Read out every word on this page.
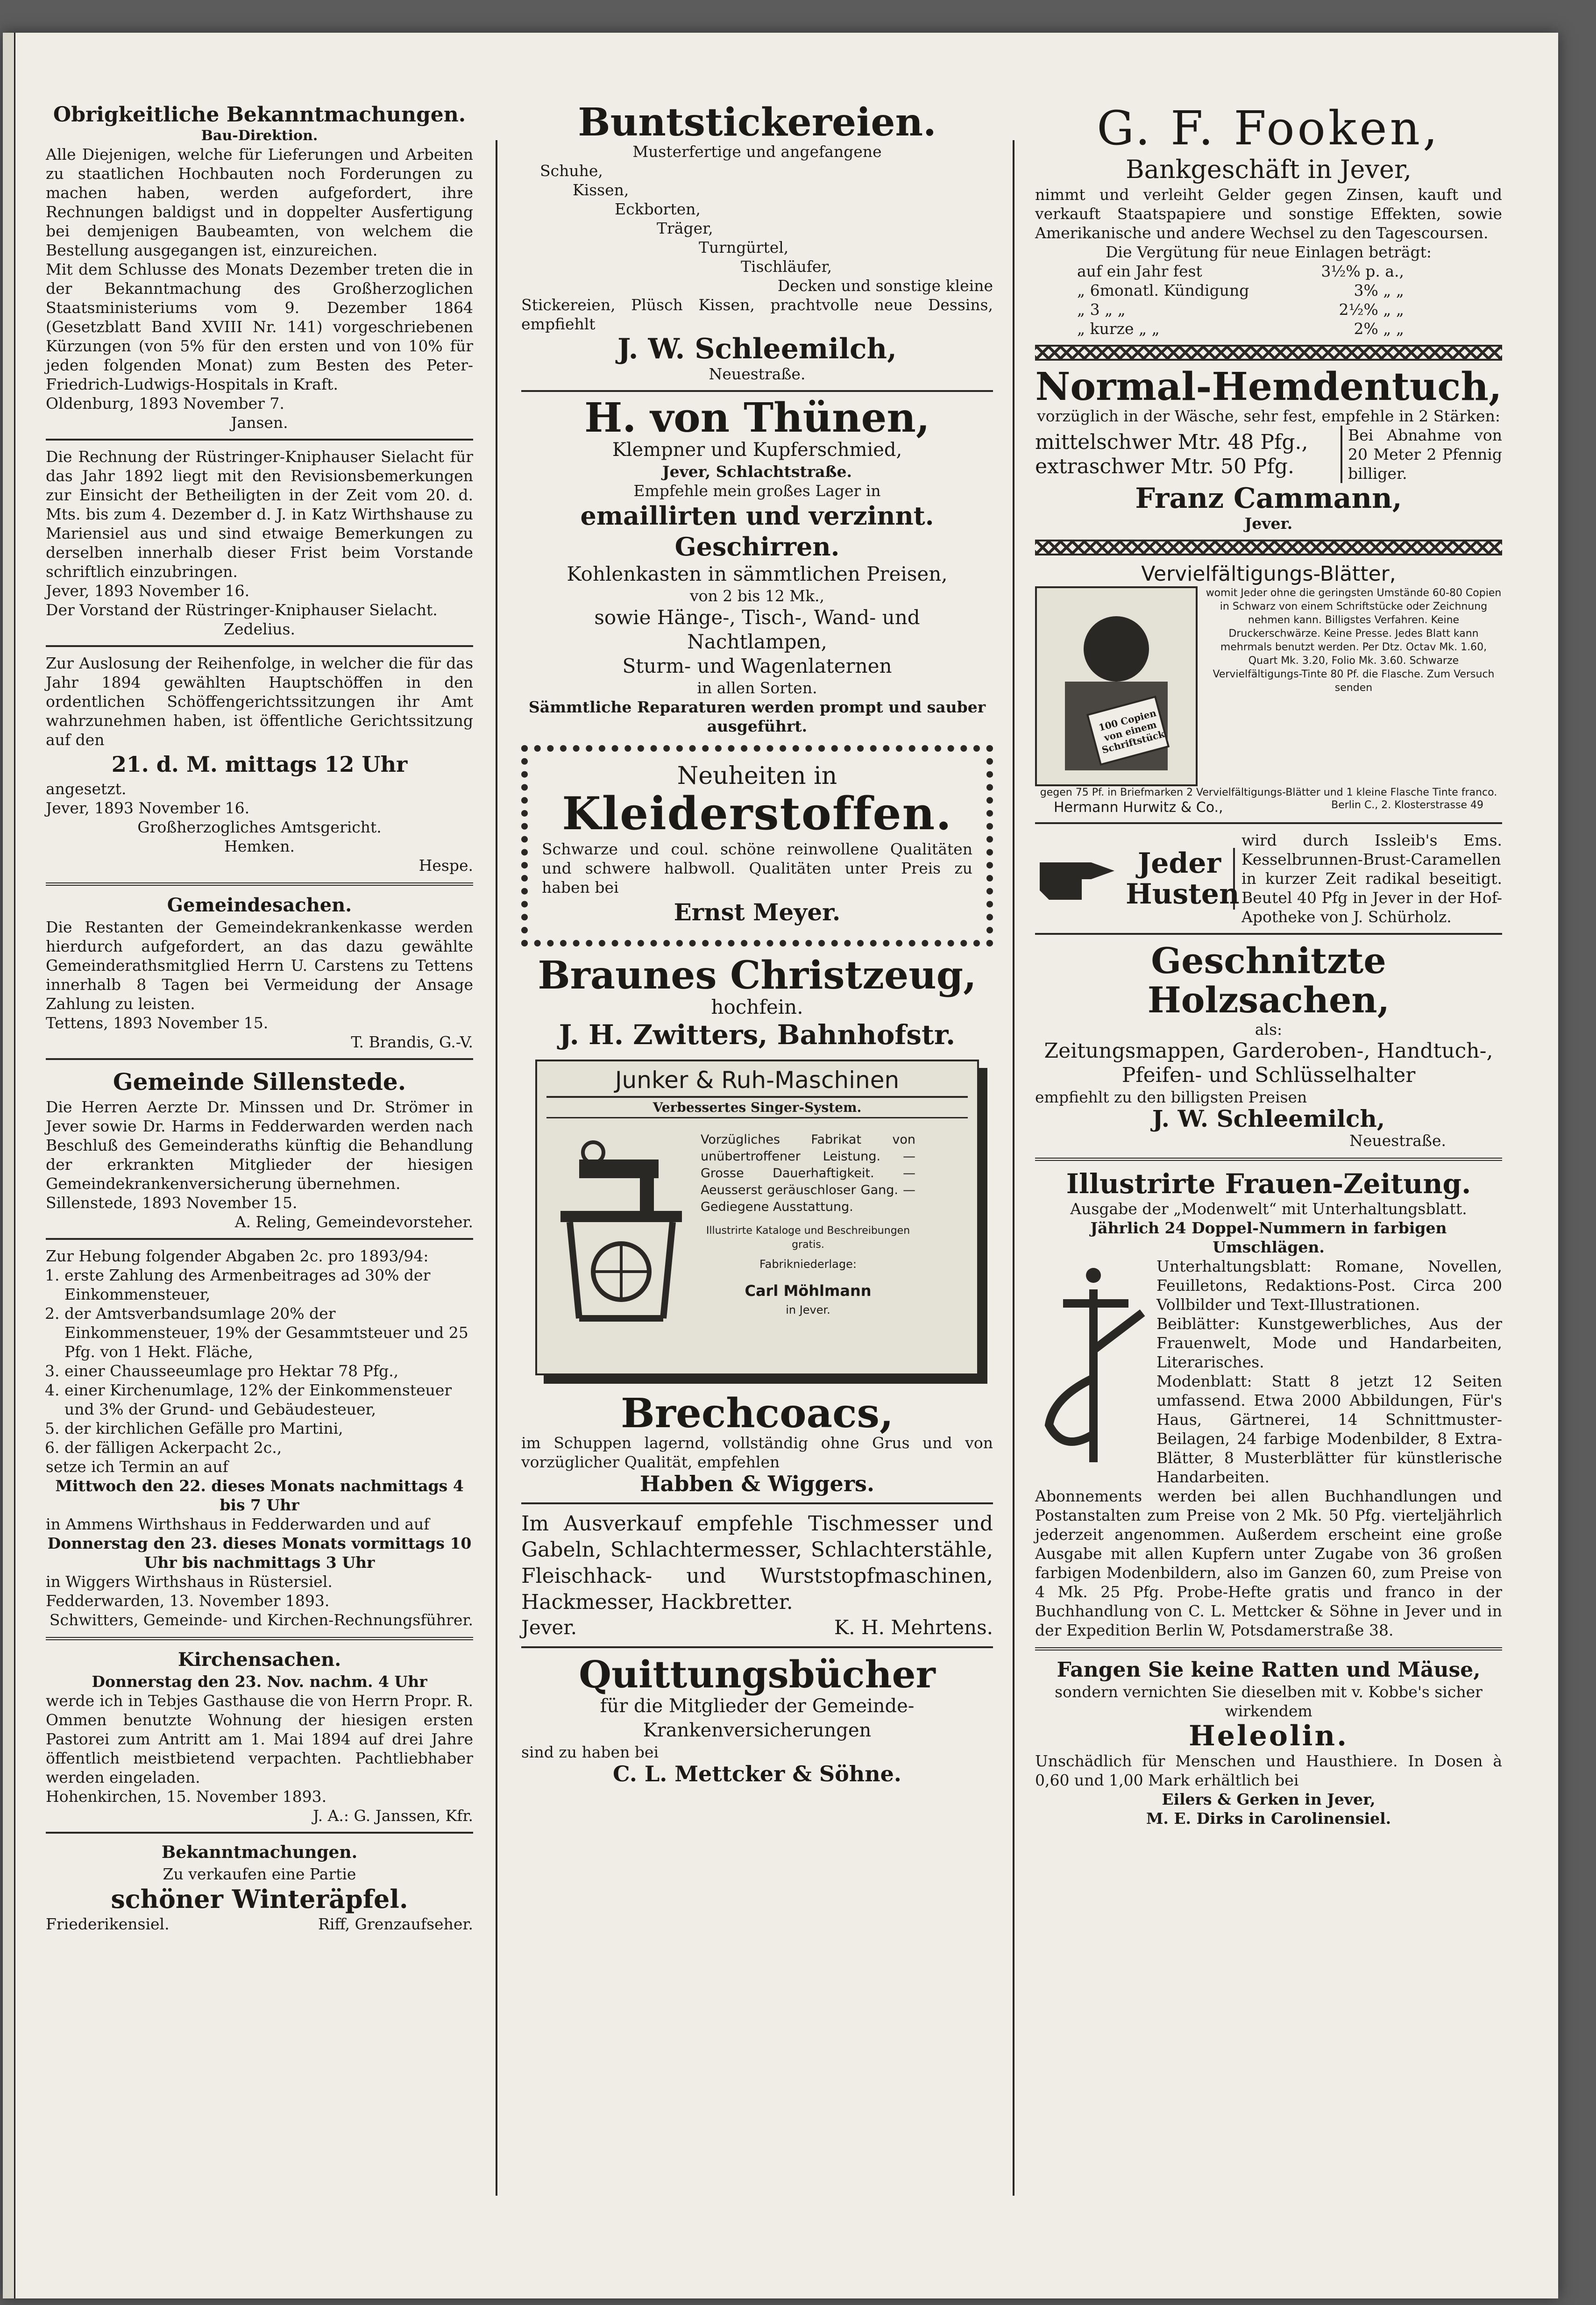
Obrigkeitliche Bekanntmachungen.

Bau-Direktion.

Alle Diejenigen, welche für Lieferungen und Arbeiten zu staatlichen Hochbauten noch Forderungen zu machen haben, werden aufgefordert, ihre Rechnungen baldigst und in doppelter Ausfertigung bei demjenigen Baubeamten, von welchem die Bestellung ausgegangen ist, einzureichen.

Mit dem Schlusse des Monats Dezember treten die in der Bekanntmachung des Großherzoglichen Staatsministeriums vom 9. Dezember 1864 (Gesetzblatt Band XVIII Nr. 141) vorgeschriebenen Kürzungen (von 5% für den ersten und von 10% für jeden folgenden Monat) zum Besten des Peter-Friedrich-Ludwigs-Hospitals in Kraft.

Oldenburg, 1893 November 7.

Jansen.

Die Rechnung der Rüstringer-Kniphauser Sielacht für das Jahr 1892 liegt mit den Revisionsbemerkungen zur Einsicht der Betheiligten in der Zeit vom 20. d. Mts. bis zum 4. Dezember d. J. in Katz Wirthshause zu Mariensiel aus und sind etwaige Bemerkungen zu derselben innerhalb dieser Frist beim Vorstande schriftlich einzubringen.

Jever, 1893 November 16.

Der Vorstand der Rüstringer-Kniphauser Sielacht.

Zedelius.

Zur Auslosung der Reihenfolge, in welcher die für das Jahr 1894 gewählten Hauptschöffen in den ordentlichen Schöffengerichtssitzungen ihr Amt wahrzunehmen haben, ist öffentliche Gerichtssitzung auf den

21. d. M. mittags 12 Uhr

angesetzt.

Jever, 1893 November 16.

Großherzogliches Amtsgericht.

Hemken.

Hespe.

Gemeindesachen.

Die Restanten der Gemeindekrankenkasse werden hierdurch aufgefordert, an das dazu gewählte Gemeinderathsmitglied Herrn U. Carstens zu Tettens innerhalb 8 Tagen bei Vermeidung der Ansage Zahlung zu leisten.

Tettens, 1893 November 15.

T. Brandis, G.-V.

Gemeinde Sillenstede.

Die Herren Aerzte Dr. Minssen und Dr. Strömer in Jever sowie Dr. Harms in Fedderwarden werden nach Beschluß des Gemeinderaths künftig die Behandlung der erkrankten Mitglieder der hiesigen Gemeindekrankenversicherung übernehmen.

Sillenstede, 1893 November 15.

A. Reling, Gemeindevorsteher.

Zur Hebung folgender Abgaben 2c. pro 1893/94:

1. erste Zahlung des Armenbeitrages ad 30% der Einkommensteuer,
2. der Amtsverbandsumlage 20% der Einkommensteuer, 19% der Gesammtsteuer und 25 Pfg. von 1 Hekt. Fläche,
3. einer Chausseeumlage pro Hektar 78 Pfg.,
4. einer Kirchenumlage, 12% der Einkommensteuer und 3% der Grund- und Gebäudesteuer,
5. der kirchlichen Gefälle pro Martini,
6. der fälligen Ackerpacht 2c.,

setze ich Termin an auf

Mittwoch den 22. dieses Monats nachmittags 4 bis 7 Uhr

in Ammens Wirthshaus in Fedderwarden und auf

Donnerstag den 23. dieses Monats vormittags 10 Uhr bis nachmittags 3 Uhr

in Wiggers Wirthshaus in Rüstersiel.

Fedderwarden, 13. November 1893.

Schwitters, Gemeinde- und Kirchen-Rechnungsführer.

Kirchensachen.

Donnerstag den 23. Nov. nachm. 4 Uhr

werde ich in Tebjes Gasthause die von Herrn Propr. R. Ommen benutzte Wohnung der hiesigen ersten Pastorei zum Antritt am 1. Mai 1894 auf drei Jahre öffentlich meistbietend verpachten. Pachtliebhaber werden eingeladen.

Hohenkirchen, 15. November 1893.

J. A.: G. Janssen, Kfr.

Bekanntmachungen.

Zu verkaufen eine Partie

schöner Winteräpfel.

Friederikensiel.	Riff, Grenzaufseher.

Buntstickereien.

Musterfertige und angefangene

Schuhe,

Kissen,

Eckborten,

Träger,

Turngürtel,

Tischläufer,

Decken und sonstige kleine

Stickereien, Plüsch Kissen, prachtvolle neue Dessins, empfiehlt

J. W. Schleemilch,

Neuestraße.

H. von Thünen,

Klempner und Kupferschmied,

Jever, Schlachtstraße.

Empfehle mein großes Lager in

emaillirten und verzinnt. Geschirren.

Kohlenkasten in sämmtlichen Preisen,

von 2 bis 12 Mk.,

sowie Hänge-, Tisch-, Wand- und Nachtlampen,

Sturm- und Wagenlaternen

in allen Sorten.

Sämmtliche Reparaturen werden prompt und sauber ausgeführt.

Neuheiten in

Kleiderstoffen.

Schwarze und coul. schöne reinwollene Qualitäten und schwere halbwoll. Qualitäten unter Preis zu haben bei

Ernst Meyer.

Braunes Christzeug,

hochfein.

J. H. Zwitters, Bahnhofstr.

Junker & Ruh-Maschinen

Verbessertes Singer-System.

Vorzügliches Fabrikat von unübertroffener Leistung. — Grosse Dauerhaftigkeit. — Aeusserst geräuschloser Gang. — Gediegene Ausstattung.

Illustrirte Kataloge und Beschreibungen gratis.

Fabrikniederlage:

Carl Möhlmann

in Jever.

Brechcoacs,

im Schuppen lagernd, vollständig ohne Grus und von vorzüglicher Qualität, empfehlen

Habben & Wiggers.

Im Ausverkauf empfehle Tischmesser und Gabeln, Schlachtermesser, Schlachterstähle, Fleischhack- und Wurststopfmaschinen, Hackmesser, Hackbretter.

Jever.	K. H. Mehrtens.

Quittungsbücher

für die Mitglieder der Gemeinde-Krankenversicherungen

sind zu haben bei

C. L. Mettcker & Söhne.

G. F. Fooken,

Bankgeschäft in Jever,

nimmt und verleiht Gelder gegen Zinsen, kauft und verkauft Staatspapiere und sonstige Effekten, sowie Amerikanische und andere Wechsel zu den Tagescoursen.

Die Vergütung für neue Einlagen beträgt:

auf ein Jahr fest	3½% p. a.,
„ 6monatl. Kündigung	3% „ „
„ 3 „ „	2½% „ „
„ kurze „ „	2% „ „

Normal-Hemdentuch,

vorzüglich in der Wäsche, sehr fest, empfehle in 2 Stärken:

mittelschwer Mtr. 48 Pfg.,

extraschwer Mtr. 50 Pfg.

Bei Abnahme von 20 Meter 2 Pfennig billiger.

Franz Cammann,

Jever.

Vervielfältigungs-Blätter,

100 Copien von einem Schriftstück

womit Jeder ohne die geringsten Umstände 60-80 Copien in Schwarz von einem Schriftstücke oder Zeichnung nehmen kann. Billigstes Verfahren. Keine Druckerschwärze. Keine Presse. Jedes Blatt kann mehrmals benutzt werden. Per Dtz. Octav Mk. 1.60, Quart Mk. 3.20, Folio Mk. 3.60. Schwarze Vervielfältigungs-Tinte 80 Pf. die Flasche. Zum Versuch senden

gegen 75 Pf. in Briefmarken 2 Vervielfältigungs-Blätter und 1 kleine Flasche Tinte franco.

Hermann Hurwitz & Co.,	Berlin C., 2. Klosterstrasse 49

Jeder

Husten

wird durch Issleib's Ems. Kesselbrunnen-Brust-Caramellen in kurzer Zeit radikal beseitigt. Beutel 40 Pfg in Jever in der Hof-Apotheke von J. Schürholz.

Geschnitzte Holzsachen,

als:

Zeitungsmappen, Garderoben-, Handtuch-, Pfeifen- und Schlüsselhalter

empfiehlt zu den billigsten Preisen

J. W. Schleemilch,

Neuestraße.

Illustrirte Frauen-Zeitung.

Ausgabe der „Modenwelt“ mit Unterhaltungsblatt.

Jährlich 24 Doppel-Nummern in farbigen Umschlägen.

Unterhaltungsblatt: Romane, Novellen, Feuilletons, Redaktions-Post. Circa 200 Vollbilder und Text-Illustrationen.

Beiblätter: Kunstgewerbliches, Aus der Frauenwelt, Mode und Handarbeiten, Literarisches.

Modenblatt: Statt 8 jetzt 12 Seiten umfassend. Etwa 2000 Abbildungen, Für's Haus, Gärtnerei, 14 Schnittmuster-Beilagen, 24 farbige Modenbilder, 8 Extra-Blätter, 8 Musterblätter für künstlerische Handarbeiten.

Abonnements werden bei allen Buchhandlungen und Postanstalten zum Preise von 2 Mk. 50 Pfg. vierteljährlich jederzeit angenommen. Außerdem erscheint eine große Ausgabe mit allen Kupfern unter Zugabe von 36 großen farbigen Modenbildern, also im Ganzen 60, zum Preise von 4 Mk. 25 Pfg. Probe-Hefte gratis und franco in der Buchhandlung von C. L. Mettcker & Söhne in Jever und in der Expedition Berlin W, Potsdamerstraße 38.

Fangen Sie keine Ratten und Mäuse,

sondern vernichten Sie dieselben mit v. Kobbe's sicher wirkendem

Heleolin.

Unschädlich für Menschen und Hausthiere. In Dosen à 0,60 und 1,00 Mark erhältlich bei

Eilers & Gerken in Jever,

M. E. Dirks in Carolinensiel.
